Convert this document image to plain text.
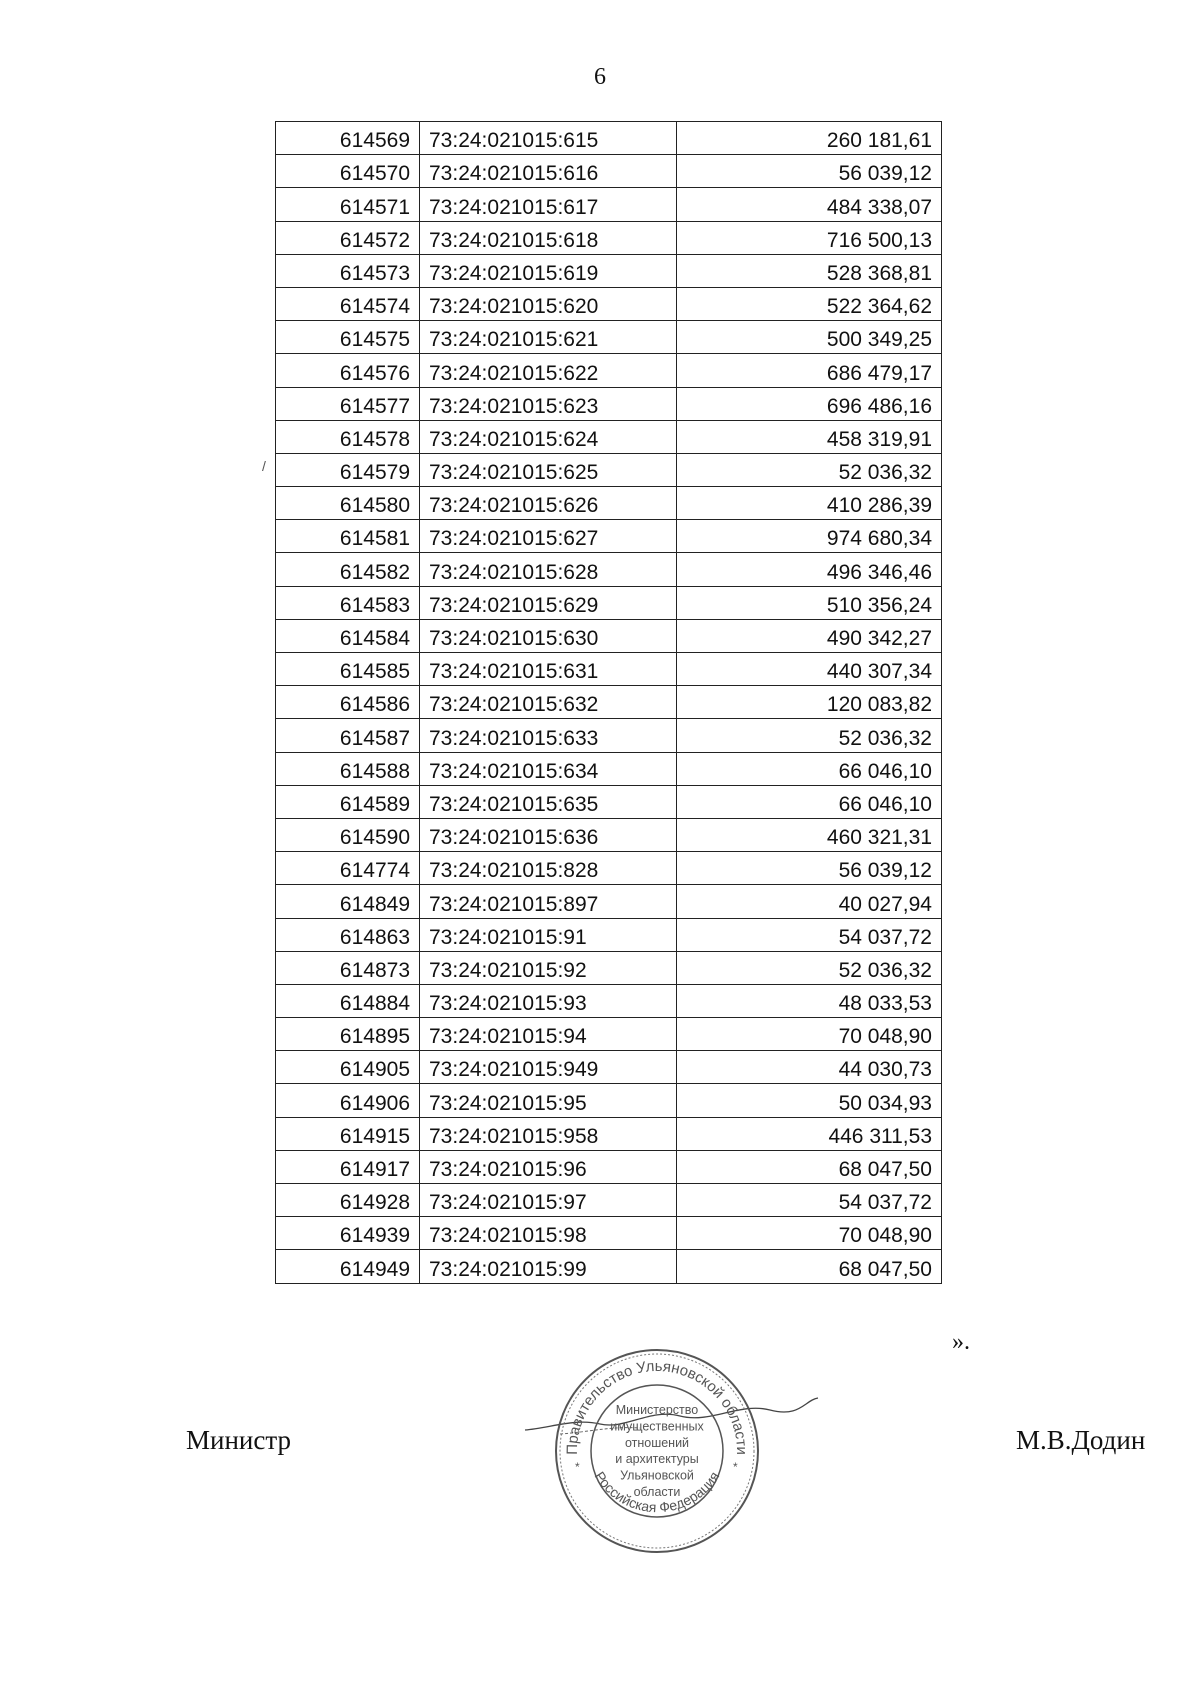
6
/
614569	73:24:021015:615	260 181,61
614570	73:24:021015:616	56 039,12
614571	73:24:021015:617	484 338,07
614572	73:24:021015:618	716 500,13
614573	73:24:021015:619	528 368,81
614574	73:24:021015:620	522 364,62
614575	73:24:021015:621	500 349,25
614576	73:24:021015:622	686 479,17
614577	73:24:021015:623	696 486,16
614578	73:24:021015:624	458 319,91
614579	73:24:021015:625	52 036,32
614580	73:24:021015:626	410 286,39
614581	73:24:021015:627	974 680,34
614582	73:24:021015:628	496 346,46
614583	73:24:021015:629	510 356,24
614584	73:24:021015:630	490 342,27
614585	73:24:021015:631	440 307,34
614586	73:24:021015:632	120 083,82
614587	73:24:021015:633	52 036,32
614588	73:24:021015:634	66 046,10
614589	73:24:021015:635	66 046,10
614590	73:24:021015:636	460 321,31
614774	73:24:021015:828	56 039,12
614849	73:24:021015:897	40 027,94
614863	73:24:021015:91	54 037,72
614873	73:24:021015:92	52 036,32
614884	73:24:021015:93	48 033,53
614895	73:24:021015:94	70 048,90
614905	73:24:021015:949	44 030,73
614906	73:24:021015:95	50 034,93
614915	73:24:021015:958	446 311,53
614917	73:24:021015:96	68 047,50
614928	73:24:021015:97	54 037,72
614939	73:24:021015:98	70 048,90
614949	73:24:021015:99	68 047,50
».
Министр	М.В.Додин
Правительство Ульяновской области
Российская Федерация
*	*
Министерство
имущественных
отношений
и архитектуры
Ульяновской
области
